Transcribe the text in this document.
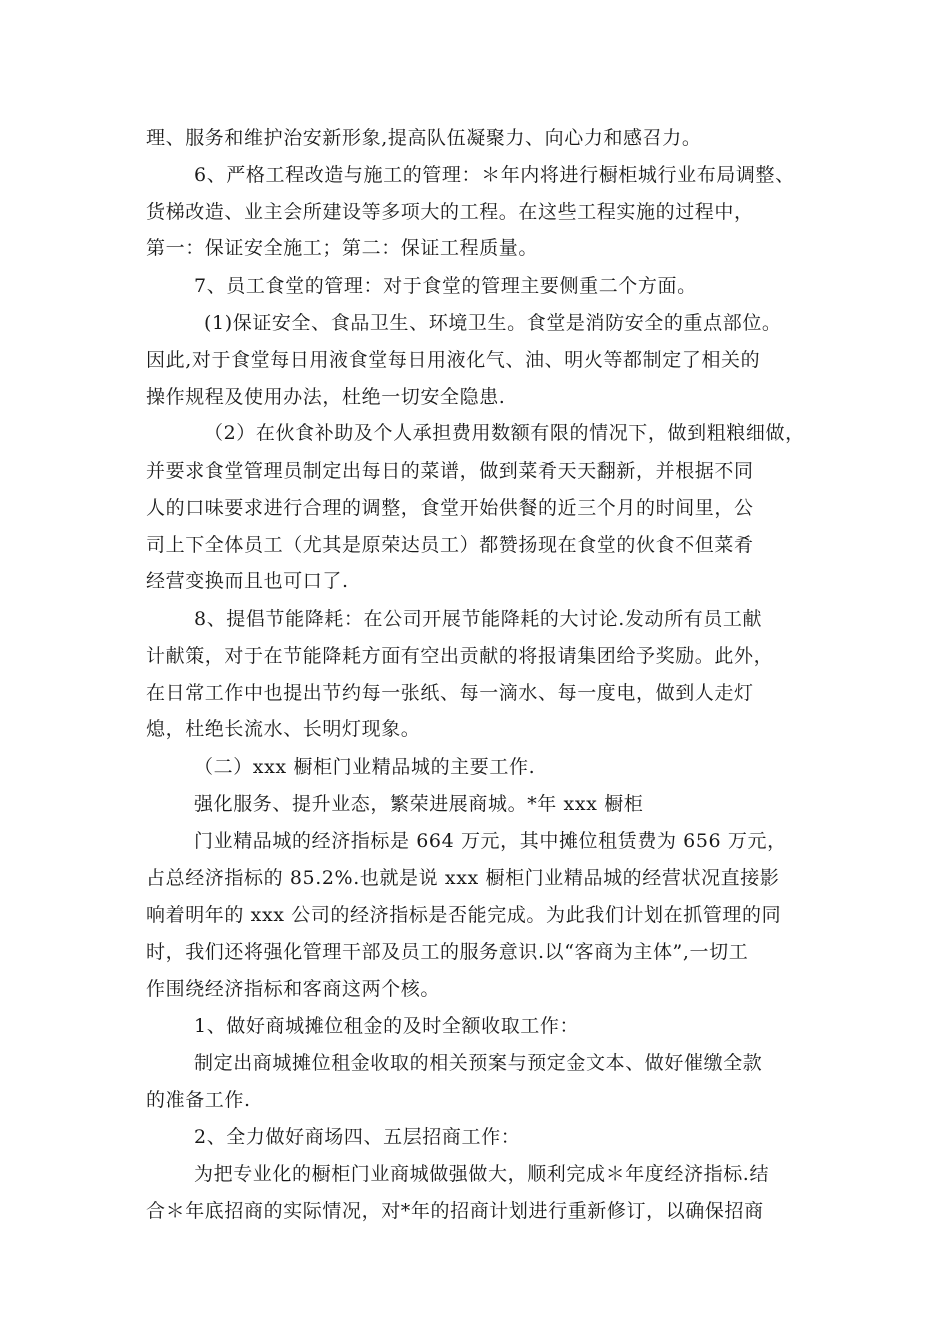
理、服务和维护治安新形象,提高队伍凝聚力、向心力和感召力。
6、严格工程改造与施工的管理：＊年内将进行橱柜城行业布局调整、
货梯改造、业主会所建设等多项大的工程。在这些工程实施的过程中，
第一：保证安全施工；第二：保证工程质量。
7、员工食堂的管理：对于食堂的管理主要侧重二个方面。
(1)保证安全、食品卫生、环境卫生。食堂是消防安全的重点部位。
因此,对于食堂每日用液食堂每日用液化气、油、明火等都制定了相关的
操作规程及使用办法，杜绝一切安全隐患.
（2）在伙食补助及个人承担费用数额有限的情况下，做到粗粮细做，
并要求食堂管理员制定出每日的菜谱，做到菜肴天天翻新，并根据不同
人的口味要求进行合理的调整，食堂开始供餐的近三个月的时间里，公
司上下全体员工（尤其是原荣达员工）都赞扬现在食堂的伙食不但菜肴
经营变换而且也可口了.
8、提倡节能降耗：在公司开展节能降耗的大讨论.发动所有员工献
计献策，对于在节能降耗方面有空出贡献的将报请集团给予奖励。此外，
在日常工作中也提出节约每一张纸、每一滴水、每一度电，做到人走灯
熄，杜绝长流水、长明灯现象。
（二）xxx 橱柜门业精品城的主要工作.
强化服务、提升业态，繁荣进展商城。*年 xxx 橱柜
门业精品城的经济指标是 664 万元，其中摊位租赁费为 656 万元，
占总经济指标的 85.2%.也就是说 xxx 橱柜门业精品城的经营状况直接影
响着明年的 xxx 公司的经济指标是否能完成。为此我们计划在抓管理的同
时，我们还将强化管理干部及员工的服务意识.以“客商为主体”,一切工
作围绕经济指标和客商这两个核。
1、做好商城摊位租金的及时全额收取工作：
制定出商城摊位租金收取的相关预案与预定金文本、做好催缴全款
的准备工作.
2、全力做好商场四、五层招商工作：
为把专业化的橱柜门业商城做强做大，顺利完成＊年度经济指标.结
合＊年底招商的实际情况，对*年的招商计划进行重新修订，以确保招商
